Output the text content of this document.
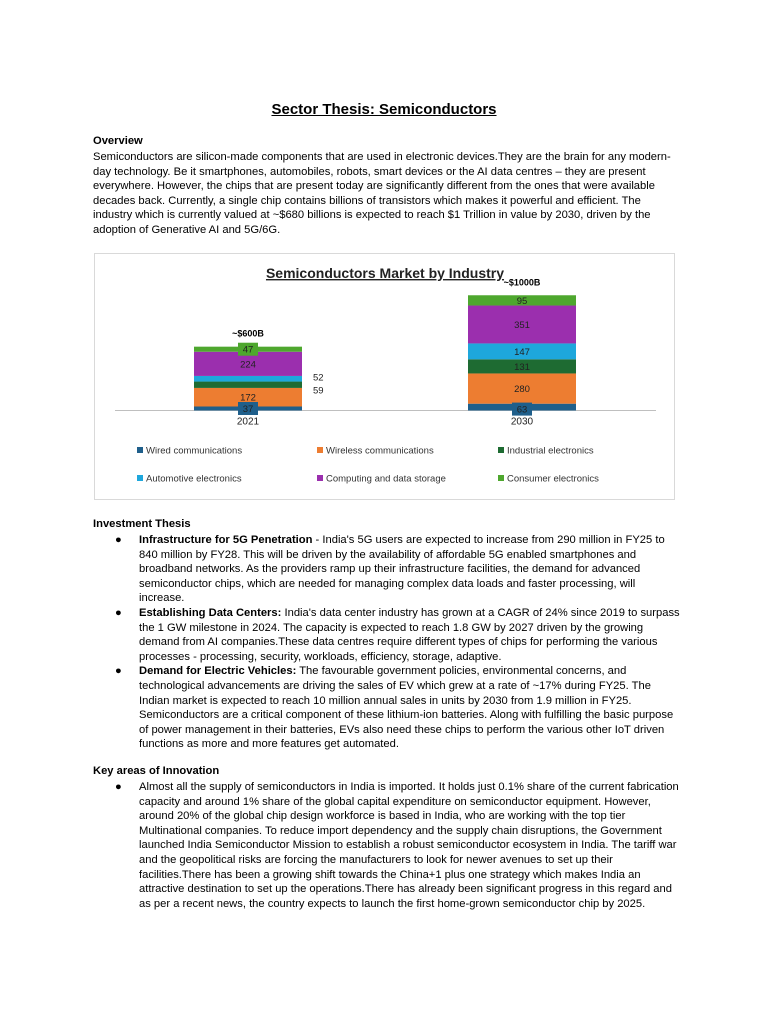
Sector Thesis: Semiconductors
Overview

Semiconductors are silicon-made components that are used in electronic devices.They are the brain for any modern-day technology. Be it smartphones, automobiles, robots, smart devices or the AI data centres – they are present everywhere. However, the chips that are present today are significantly different from the ones that were available decades back. Currently, a single chip contains billions of transistors which makes it powerful and efficient. The industry which is currently valued at ~$680 billions is expected to reach $1 Trillion in value by 2030, driven by the adoption of Generative AI and 5G/6G.

Semiconductors Market by Industry
2021
~$600B
2030
~$1000B
37	63
172
280
59
131
52
147
224
351
47
95
Wired communications	Wireless communications	Industrial electronics
Automotive electronics	Computing and data storage	Consumer electronics
Investment Thesis
● Infrastructure for 5G Penetration - India's 5G users are expected to increase from 290 million in FY25 to 840 million by FY28. This will be driven by the availability of affordable 5G enabled smartphones and broadband networks. As the providers ramp up their infrastructure facilities, the demand for advanced semiconductor chips, which are needed for managing complex data loads and faster processing, will increase.
● Establishing Data Centers: India's data center industry has grown at a CAGR of 24% since 2019 to surpass the 1 GW milestone in 2024. The capacity is expected to reach 1.8 GW by 2027 driven by the growing demand from AI companies.These data centres require different types of chips for performing the various processes - processing, security, workloads, efficiency, storage, adaptive.
● Demand for Electric Vehicles: The favourable government policies, environmental concerns, and technological advancements are driving the sales of EV which grew at a rate of ~17% during FY25. The Indian market is expected to reach 10 million annual sales in units by 2030 from 1.9 million in FY25. Semiconductors are a critical component of these lithium-ion batteries. Along with fulfilling the basic purpose of power management in their batteries, EVs also need these chips to perform the various other IoT driven functions as more and more features get automated.
Key areas of Innovation
● Almost all the supply of semiconductors in India is imported. It holds just 0.1% share of the current fabrication capacity and around 1% share of the global capital expenditure on semiconductor equipment. However, around 20% of the global chip design workforce is based in India, who are working with the top tier Multinational companies. To reduce import dependency and the supply chain disruptions, the Government launched India Semiconductor Mission to establish a robust semiconductor ecosystem in India. The tariff war and the geopolitical risks are forcing the manufacturers to look for newer avenues to set up their facilities.There has been a growing shift towards the China+1 plus one strategy which makes India an attractive destination to set up the operations.There has already been significant progress in this regard and as per a recent news, the country expects to launch the first home-grown semiconductor chip by 2025.
